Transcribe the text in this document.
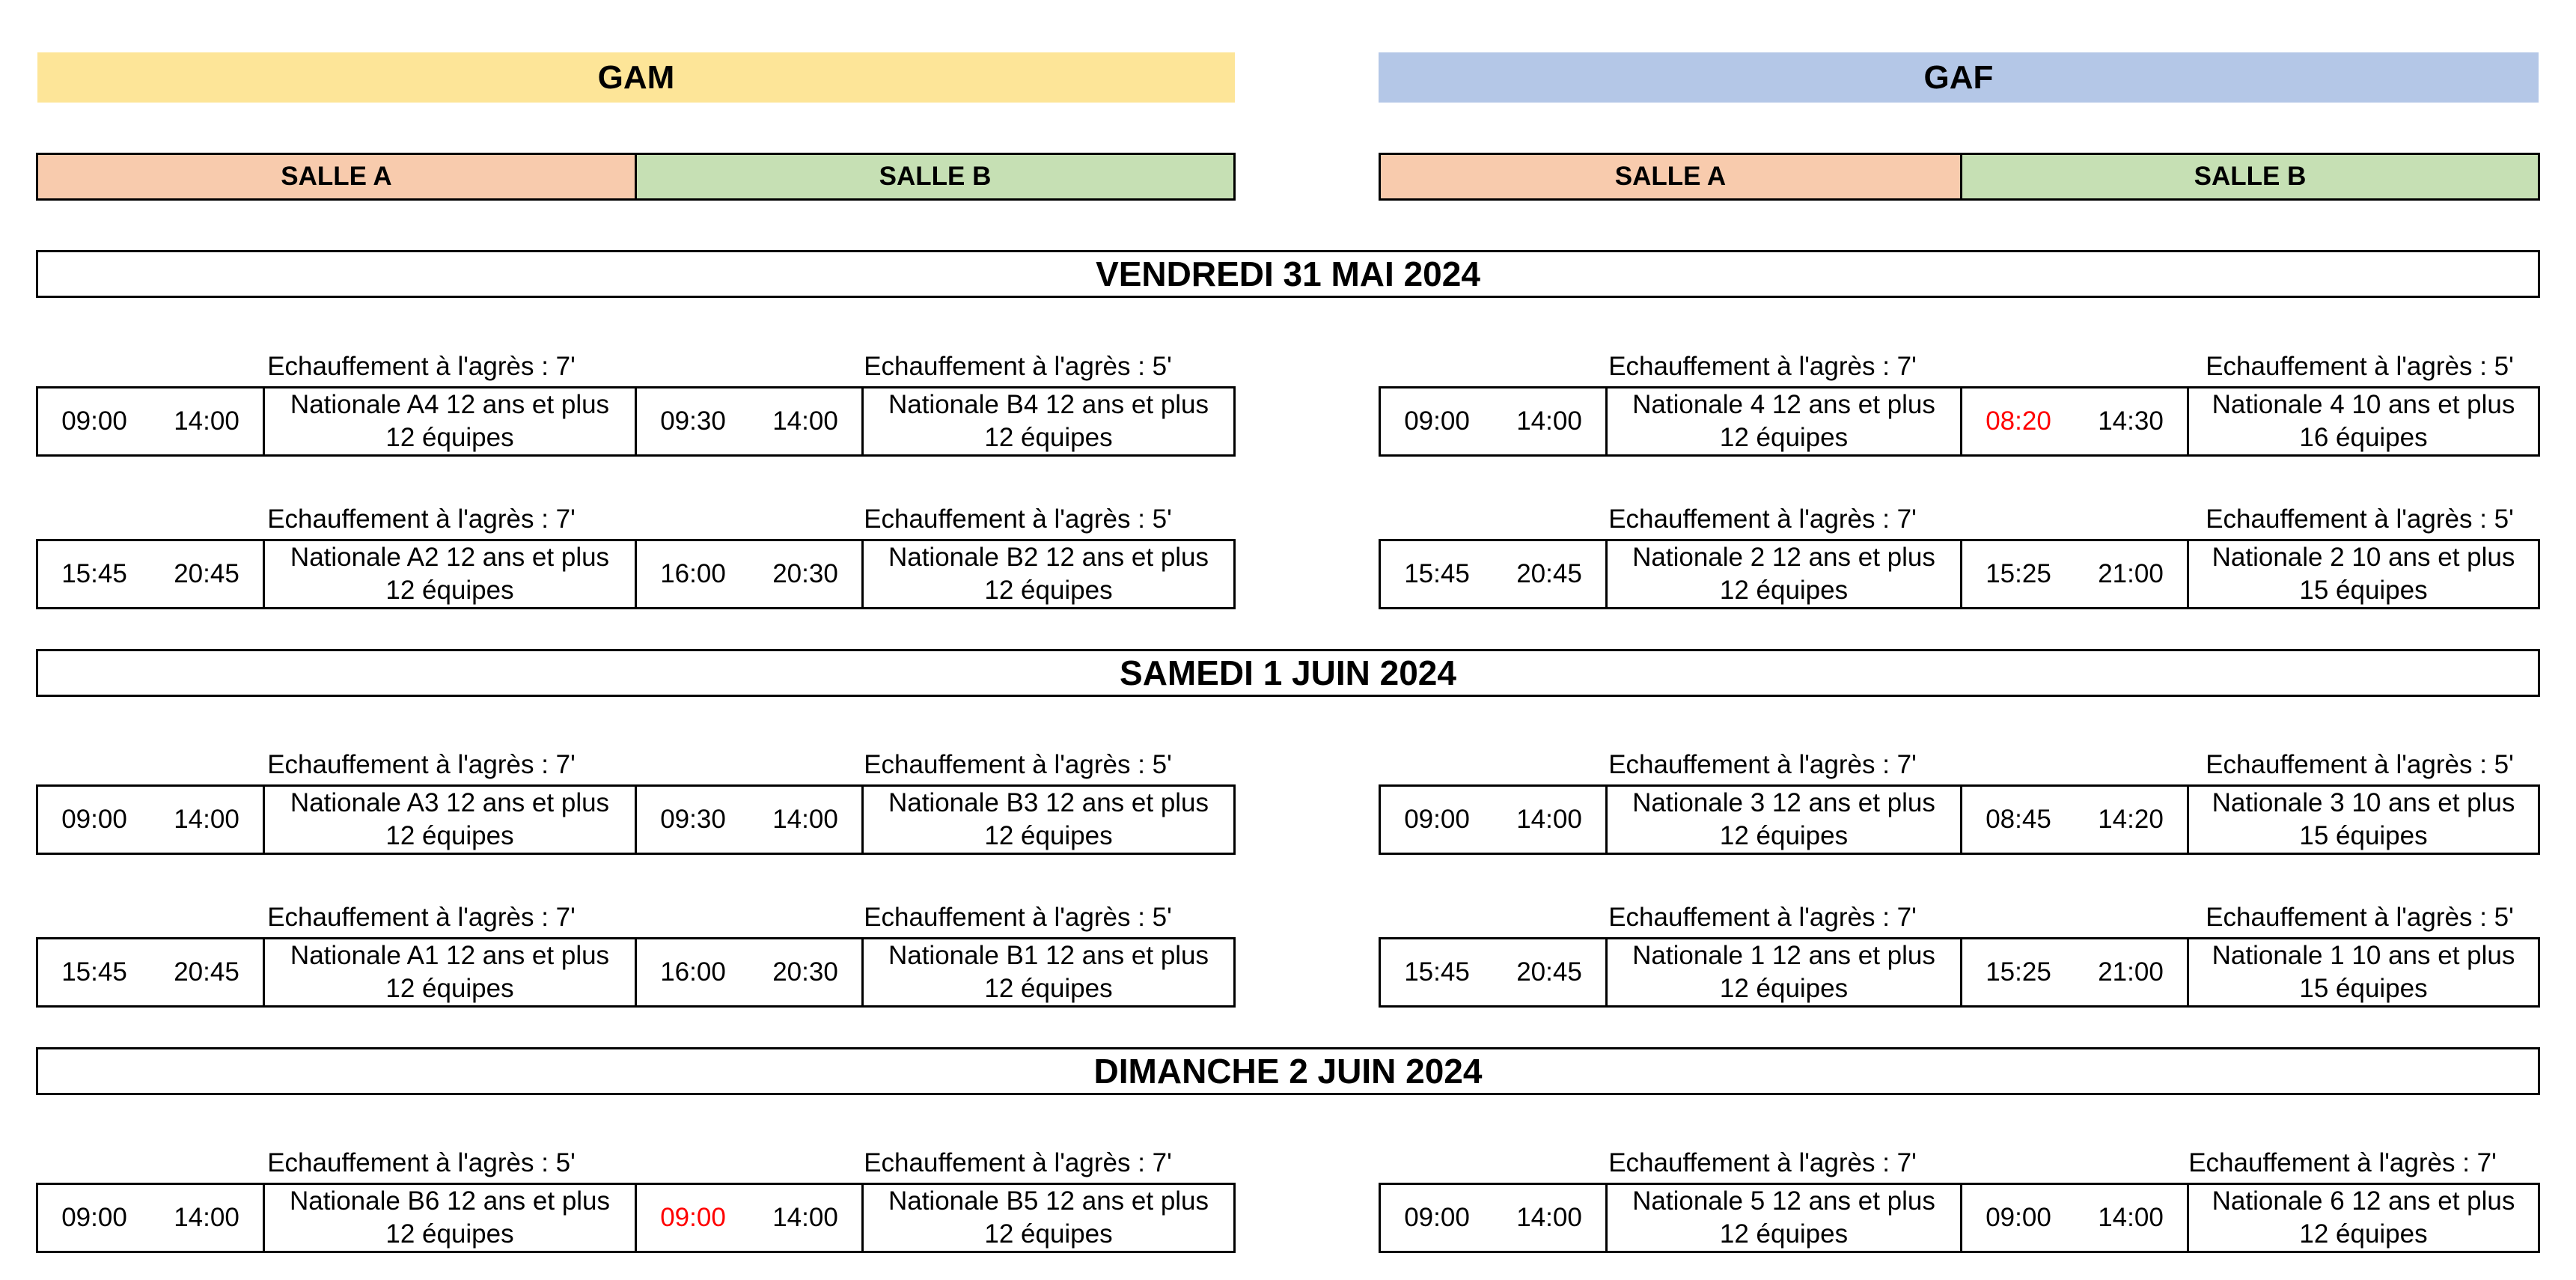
GAM	GAF
SALLE A	SALLE B	SALLE A	SALLE B
VENDREDI 31 MAI 2024
Echauffement à l'agrès : 7'	Echauffement à l'agrès : 5'	Echauffement à l'agrès : 7'	Echauffement à l'agrès : 5'
09:00	14:00
Nationale A4 12 ans et plus
12 équipes
09:30	14:00
Nationale B4 12 ans et plus
12 équipes
09:00	14:00
Nationale 4 12 ans et plus
12 équipes
08:20	14:30
Nationale 4 10 ans et plus
16 équipes
Echauffement à l'agrès : 7'	Echauffement à l'agrès : 5'	Echauffement à l'agrès : 7'	Echauffement à l'agrès : 5'
15:45	20:45
Nationale A2 12 ans et plus
12 équipes
16:00	20:30
Nationale B2 12 ans et plus
12 équipes
15:45	20:45
Nationale 2 12 ans et plus
12 équipes
15:25	21:00
Nationale 2 10 ans et plus
15 équipes
SAMEDI 1 JUIN 2024
Echauffement à l'agrès : 7'	Echauffement à l'agrès : 5'	Echauffement à l'agrès : 7'	Echauffement à l'agrès : 5'
09:00	14:00
Nationale A3 12 ans et plus
12 équipes
09:30	14:00
Nationale B3 12 ans et plus
12 équipes
09:00	14:00
Nationale 3 12 ans et plus
12 équipes
08:45	14:20
Nationale 3 10 ans et plus
15 équipes
Echauffement à l'agrès : 7'	Echauffement à l'agrès : 5'	Echauffement à l'agrès : 7'	Echauffement à l'agrès : 5'
15:45	20:45
Nationale A1 12 ans et plus
12 équipes
16:00	20:30
Nationale B1 12 ans et plus
12 équipes
15:45	20:45
Nationale 1 12 ans et plus
12 équipes
15:25	21:00
Nationale 1 10 ans et plus
15 équipes
DIMANCHE 2 JUIN 2024
Echauffement à l'agrès : 5'	Echauffement à l'agrès : 7'	Echauffement à l'agrès : 7'	Echauffement à l'agrès : 7'
09:00	14:00
Nationale B6 12 ans et plus
12 équipes
09:00	14:00
Nationale B5 12 ans et plus
12 équipes
09:00	14:00
Nationale 5 12 ans et plus
12 équipes
09:00	14:00
Nationale 6 12 ans et plus
12 équipes
